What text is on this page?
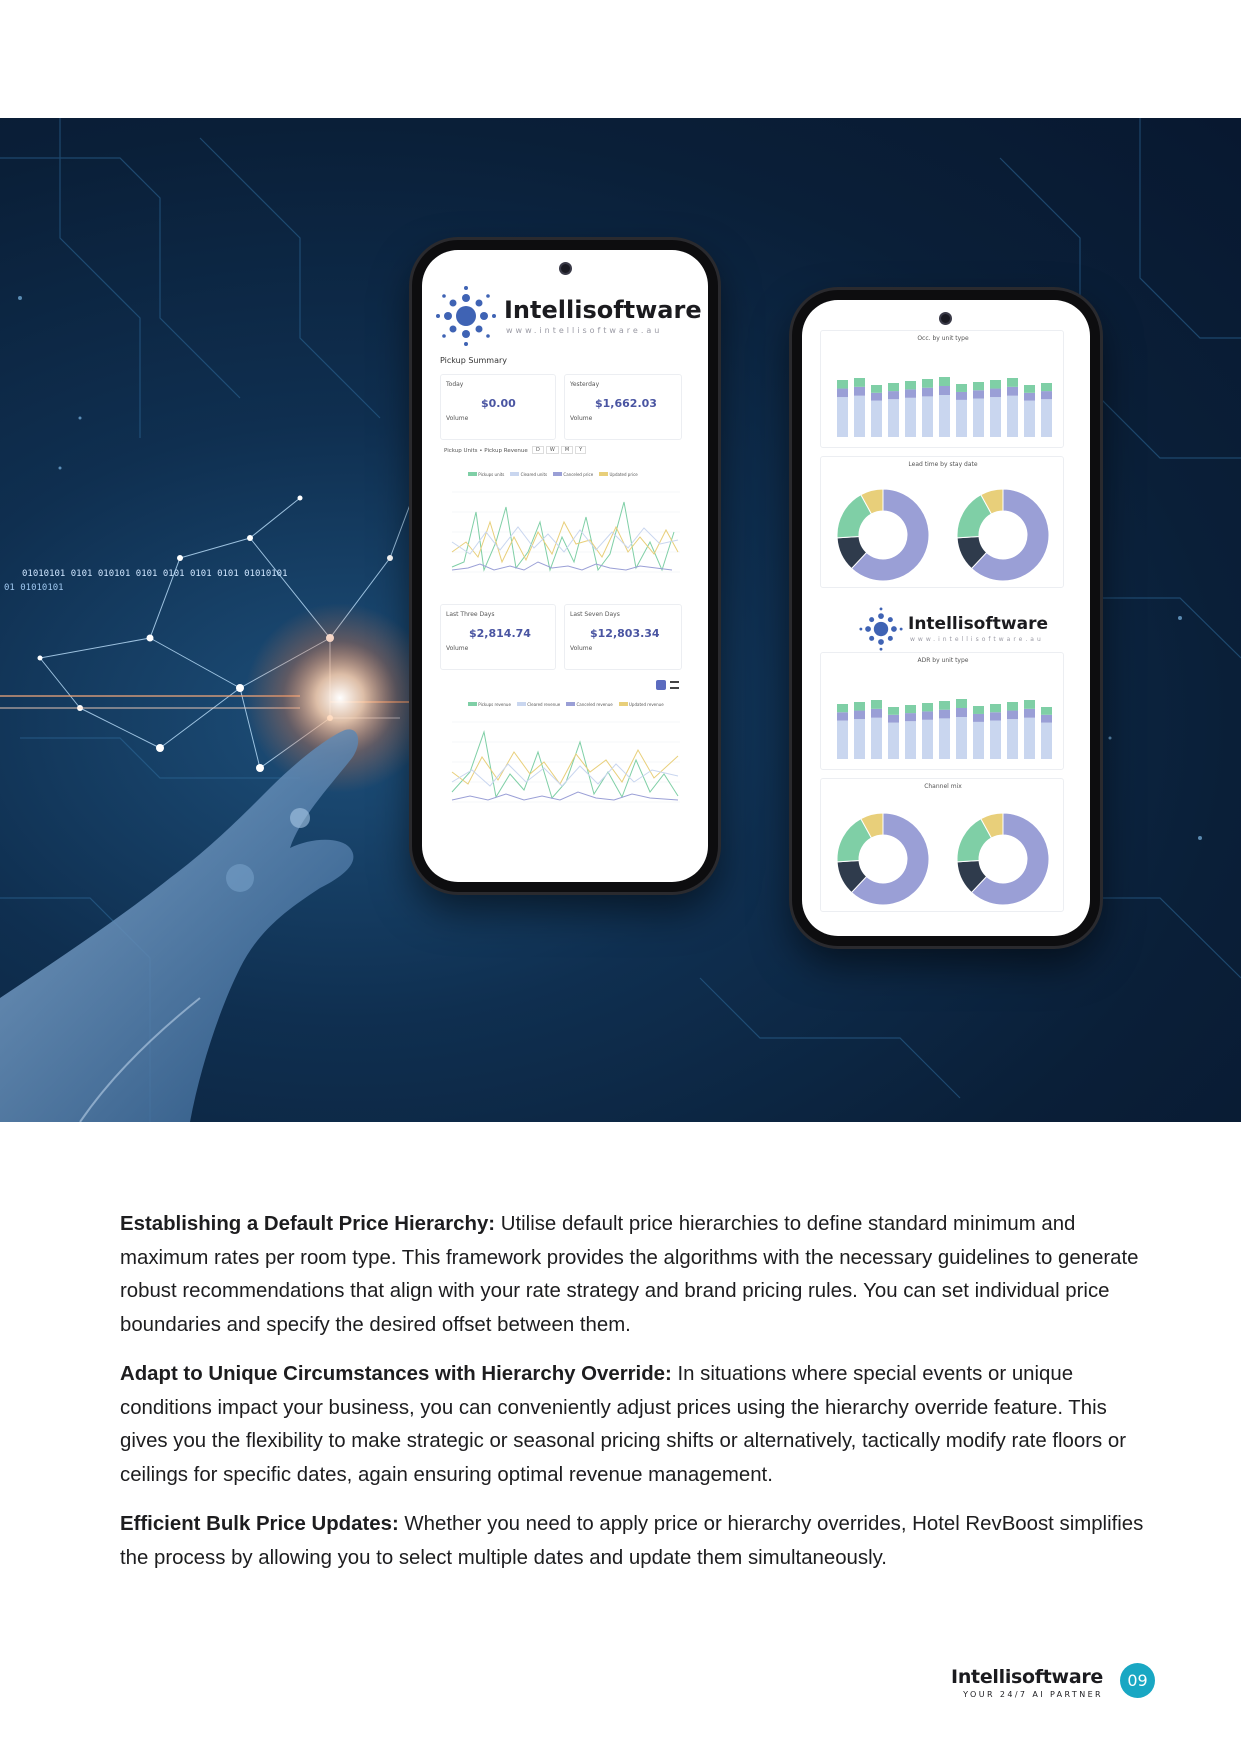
01010101 0101 010101 0101 0101 0101 0101 01010101
01 01010101
Intellisoftware
www.intellisoftware.au
Pickup Summary
Today
$0.00
Volume
Yesterday
$1,662.03
Volume
Pickup Units • Pickup Revenue	D	W	M	Y
Pickups units	Cleared units	Canceled price	Updated price
Last Three Days
$2,814.74
Volume
Last Seven Days
$12,803.34
Volume
Pickups revenue	Cleared revenue	Canceled revenue	Updated revenue
Occ. by unit type
Lead time by stay date
Intellisoftware
www.intellisoftware.au
ADR by unit type
Channel mix

Establishing a Default Price Hierarchy: Utilise default price hierarchies to define standard minimum and maximum rates per room type. This framework provides the algorithms with the necessary guidelines to generate robust recommendations that align with your rate strategy and brand pricing rules. You can set individual price boundaries and specify the desired offset between them.

Adapt to Unique Circumstances with Hierarchy Override: In situations where special events or unique conditions impact your business, you can conveniently adjust prices using the hierarchy override feature. This gives you the flexibility to make strategic or seasonal pricing shifts or alternatively, tactically modify rate floors or ceilings for specific dates, again ensuring optimal revenue management.

Efficient Bulk Price Updates: Whether you need to apply price or hierarchy overrides, Hotel RevBoost simplifies the process by allowing you to select multiple dates and update them simultaneously.

Intellisoftware
YOUR 24/7 AI PARTNER
09
